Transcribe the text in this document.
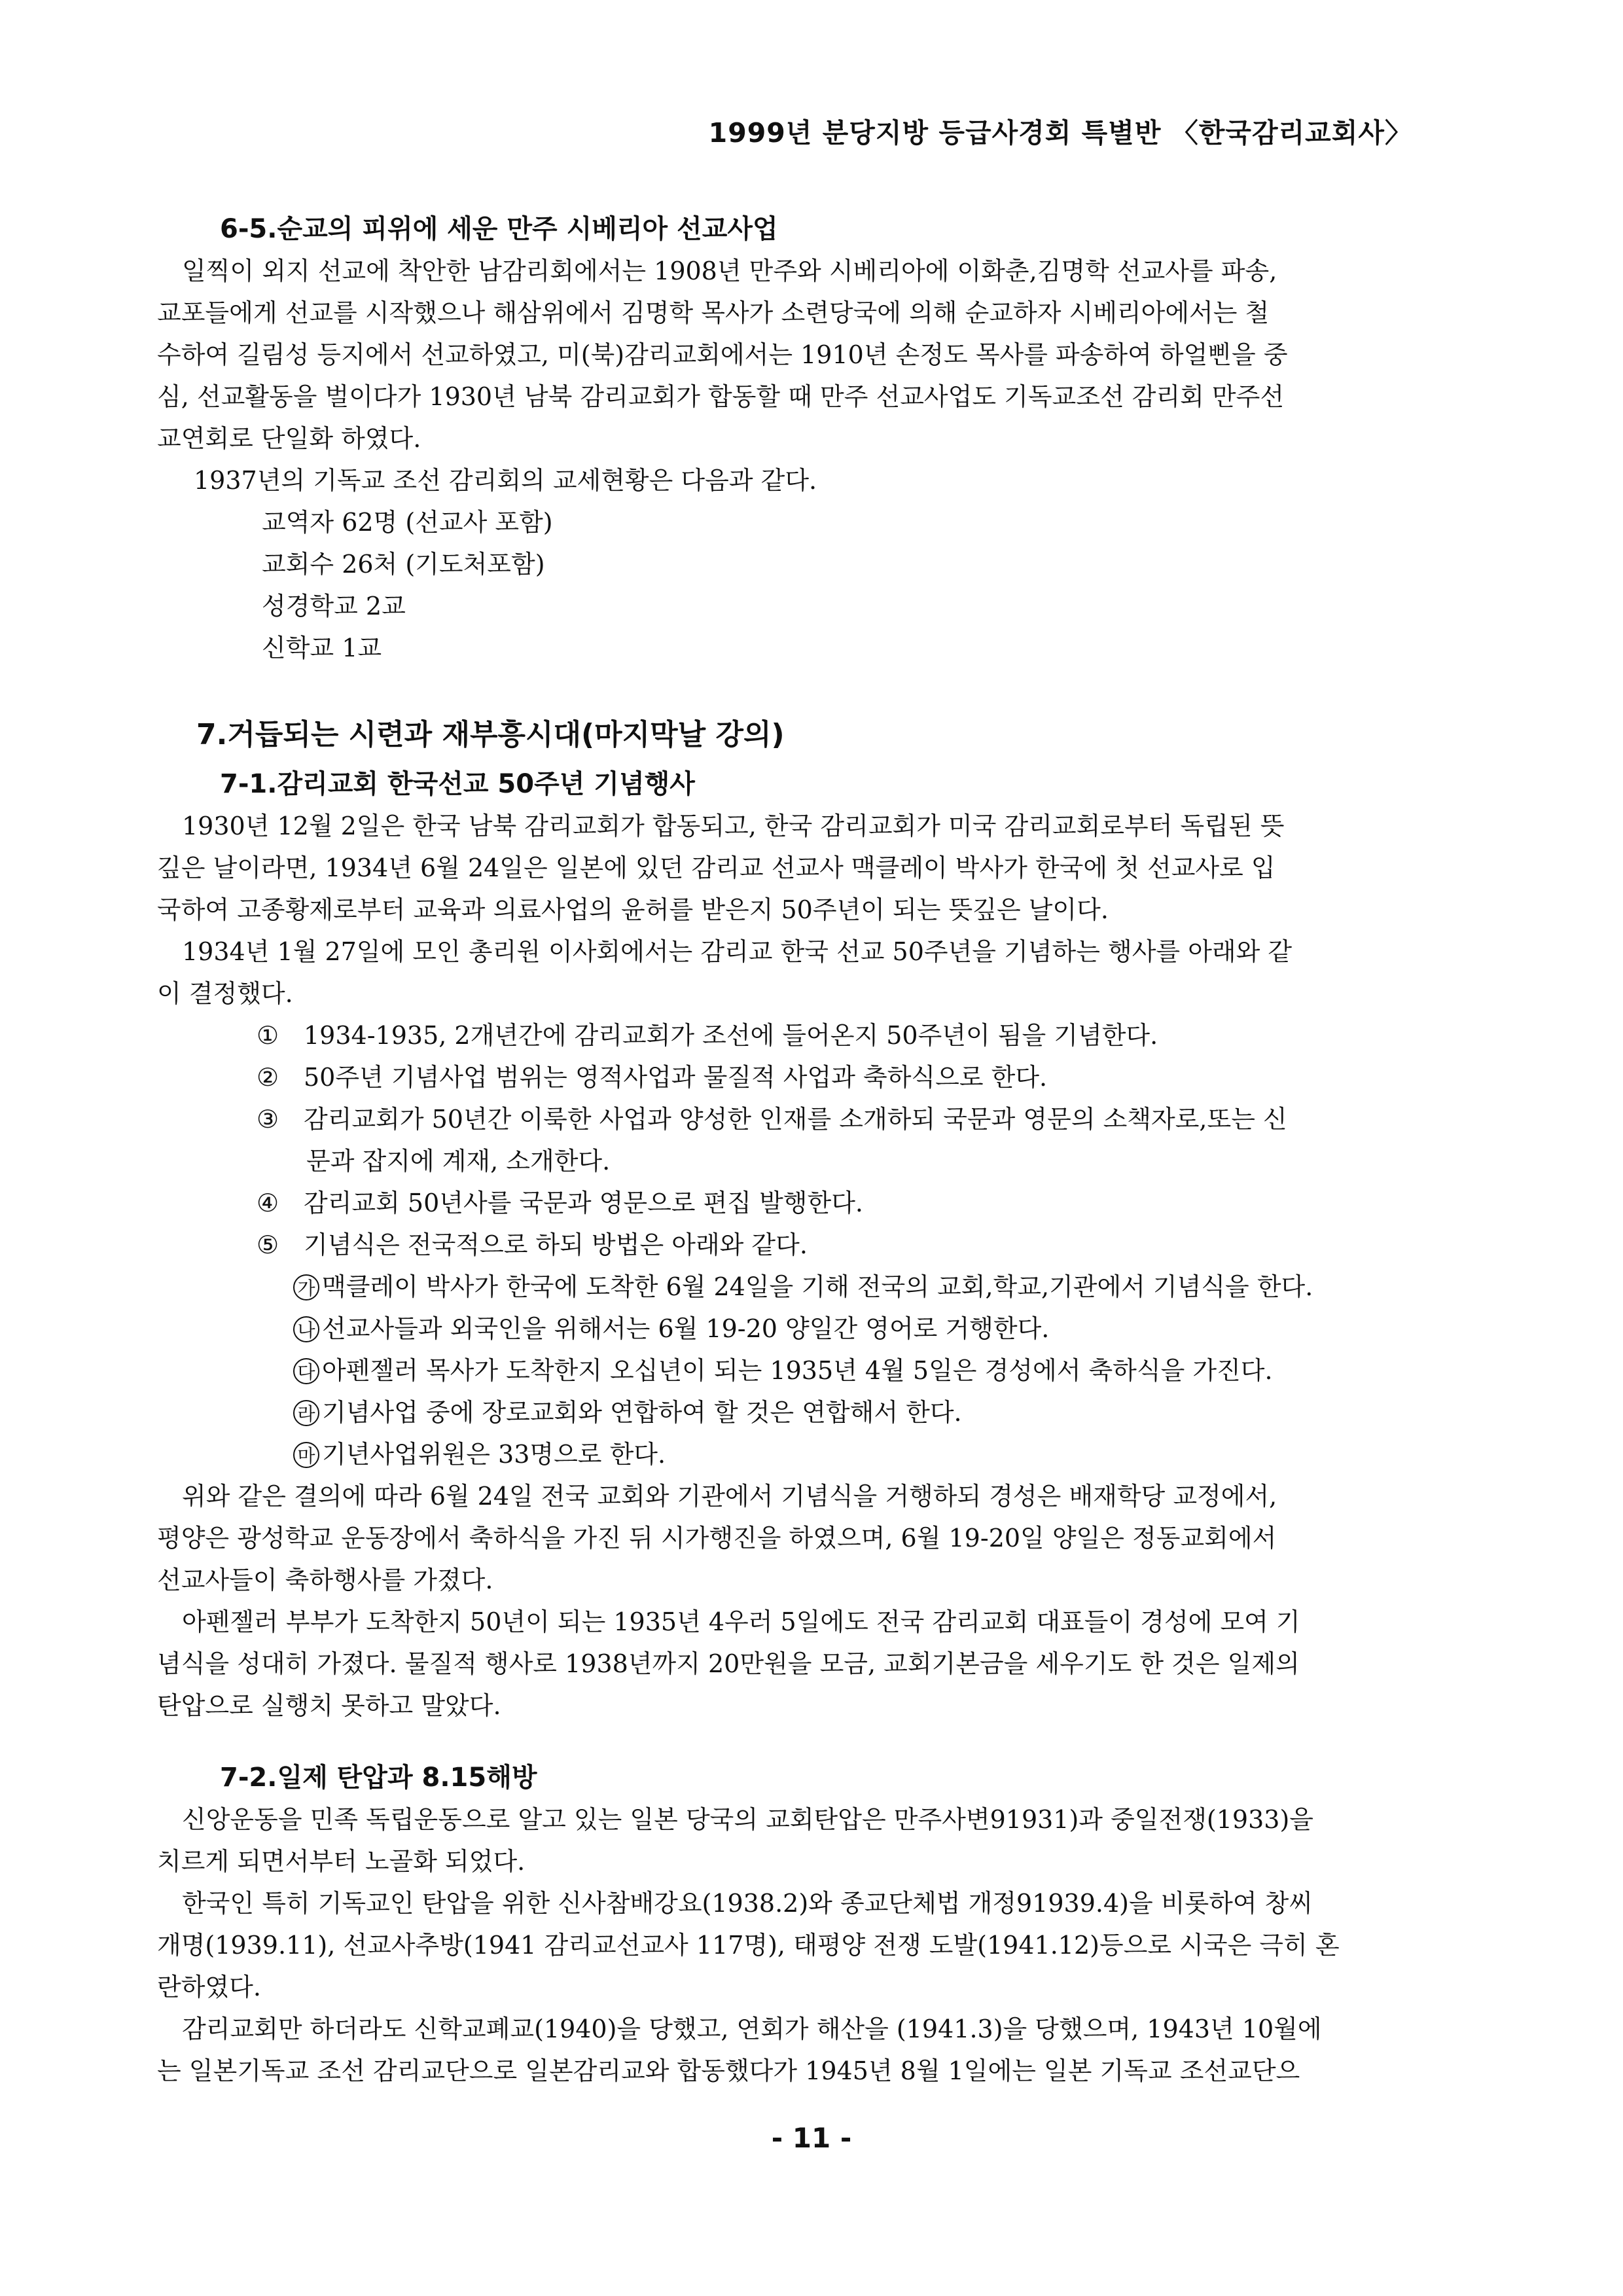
1999년 분당지방 등급사경회 특별반 〈한국감리교회사〉
6-5.순교의 피위에 세운 만주 시베리아 선교사업
일찍이 외지 선교에 착안한 남감리회에서는 1908년 만주와 시베리아에 이화춘,김명학 선교사를 파송,
교포들에게 선교를 시작했으나 해삼위에서 김명학 목사가 소련당국에 의해 순교하자 시베리아에서는 철
수하여 길림성 등지에서 선교하였고, 미(북)감리교회에서는 1910년 손정도 목사를 파송하여 하얼삔을 중
심, 선교활동을 벌이다가 1930년 남북 감리교회가 합동할 때 만주 선교사업도 기독교조선 감리회 만주선
교연회로 단일화 하였다.
1937년의 기독교 조선 감리회의 교세현황은 다음과 같다.
교역자 62명 (선교사 포함)
교회수 26처 (기도처포함)
성경학교 2교
신학교 1교
7.거듭되는 시련과 재부흥시대(마지막날 강의)
7-1.감리교회 한국선교 50주년 기념행사
1930년 12월 2일은 한국 남북 감리교회가 합동되고, 한국 감리교회가 미국 감리교회로부터 독립된 뜻
깊은 날이라면, 1934년 6월 24일은 일본에 있던 감리교 선교사 맥클레이 박사가 한국에 첫 선교사로 입
국하여 고종황제로부터 교육과 의료사업의 윤허를 받은지 50주년이 되는 뜻깊은 날이다.
1934년 1월 27일에 모인 총리원 이사회에서는 감리교 한국 선교 50주년을 기념하는 행사를 아래와 같
이 결정했다.
① 1934-1935, 2개년간에 감리교회가 조선에 들어온지 50주년이 됨을 기념한다.
② 50주년 기념사업 범위는 영적사업과 물질적 사업과 축하식으로 한다.
③ 감리교회가 50년간 이룩한 사업과 양성한 인재를 소개하되 국문과 영문의 소책자로,또는 신
문과 잡지에 계재, 소개한다.
④ 감리교회 50년사를 국문과 영문으로 편집 발행한다.
⑤ 기념식은 전국적으로 하되 방법은 아래와 같다.
가 맥클레이 박사가 한국에 도착한 6월 24일을 기해 전국의 교회,학교,기관에서 기념식을 한다.
나 선교사들과 외국인을 위해서는 6월 19-20 양일간 영어로 거행한다.
다 아펜젤러 목사가 도착한지 오십년이 되는 1935년 4월 5일은 경성에서 축하식을 가진다.
라 기념사업 중에 장로교회와 연합하여 할 것은 연합해서 한다.
마 기년사업위원은 33명으로 한다.
위와 같은 결의에 따라 6월 24일 전국 교회와 기관에서 기념식을 거행하되 경성은 배재학당 교정에서,
평양은 광성학교 운동장에서 축하식을 가진 뒤 시가행진을 하였으며, 6월 19-20일 양일은 정동교회에서
선교사들이 축하행사를 가졌다.
아펜젤러 부부가 도착한지 50년이 되는 1935년 4우러 5일에도 전국 감리교회 대표들이 경성에 모여 기
념식을 성대히 가졌다. 물질적 행사로 1938년까지 20만원을 모금, 교회기본금을 세우기도 한 것은 일제의
탄압으로 실행치 못하고 말았다.
7-2.일제 탄압과 8.15해방
신앙운동을 민족 독립운동으로 알고 있는 일본 당국의 교회탄압은 만주사변91931)과 중일전쟁(1933)을
치르게 되면서부터 노골화 되었다.
한국인 특히 기독교인 탄압을 위한 신사참배강요(1938.2)와 종교단체법 개정91939.4)을 비롯하여 창씨
개명(1939.11), 선교사추방(1941 감리교선교사 117명), 태평양 전쟁 도발(1941.12)등으로 시국은 극히 혼
란하였다.
감리교회만 하더라도 신학교폐교(1940)을 당했고, 연회가 해산을 (1941.3)을 당했으며, 1943년 10월에
는 일본기독교 조선 감리교단으로 일본감리교와 합동했다가 1945년 8월 1일에는 일본 기독교 조선교단으
- 11 -
